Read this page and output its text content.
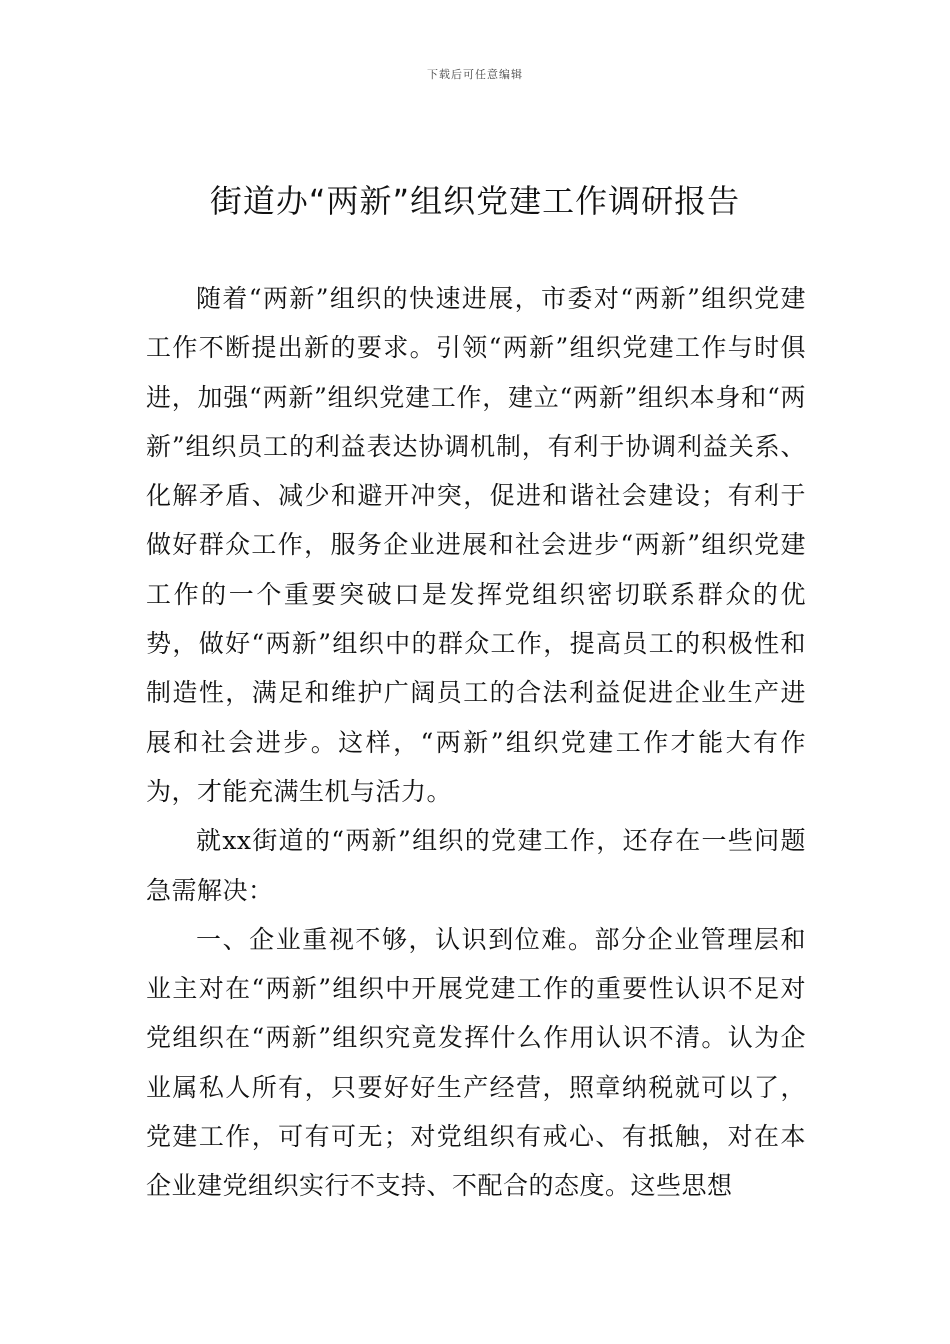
下载后可任意编辑
街道办“两新”组织党建工作调研报告

随着“两新”组织的快速进展，市委对“两新”组织党建工作不断提出新的要求。引领“两新”组织党建工作与时俱进，加强“两新”组织党建工作，建立“两新”组织本身和“两新”组织员工的利益表达协调机制，有利于协调利益关系、化解矛盾、减少和避开冲突，促进和谐社会建设；有利于做好群众工作，服务企业进展和社会进步“两新”组织党建工作的一个重要突破口是发挥党组织密切联系群众的优势，做好“两新”组织中的群众工作，提高员工的积极性和制造性，满足和维护广阔员工的合法利益促进企业生产进展和社会进步。这样，“两新”组织党建工作才能大有作为，才能充满生机与活力。

就xx街道的“两新”组织的党建工作，还存在一些问题急需解决：

一、企业重视不够，认识到位难。部分企业管理层和业主对在“两新”组织中开展党建工作的重要性认识不足对党组织在“两新”组织究竟发挥什么作用认识不清。认为企业属私人所有，只要好好生产经营，照章纳税就可以了，党建工作，可有可无；对党组织有戒心、有抵触，对在本企业建党组织实行不支持、不配合的态度。这些思想
